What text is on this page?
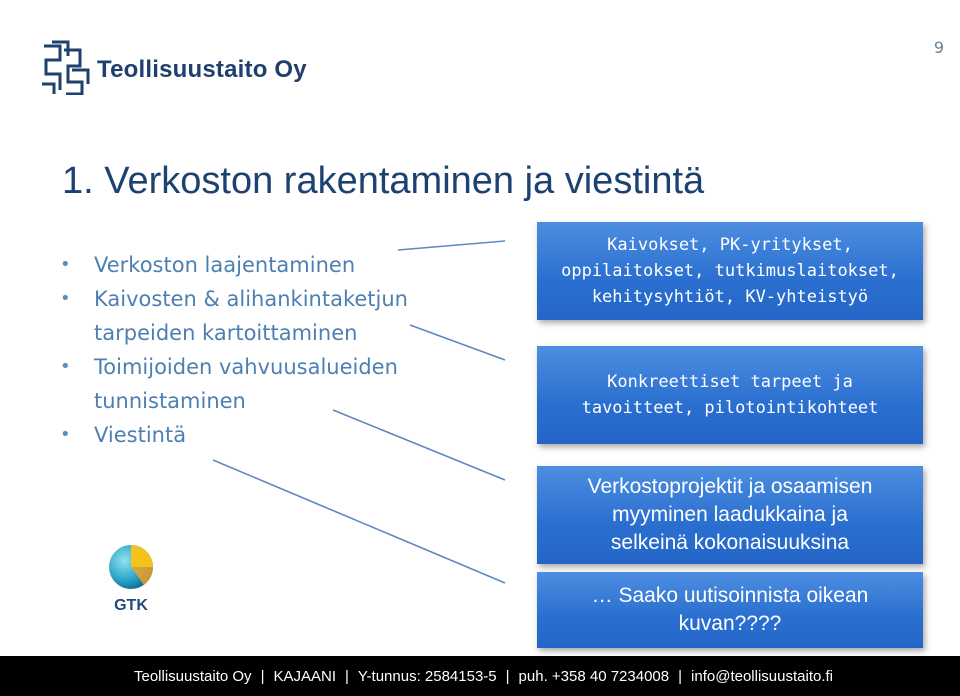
9
Teollisuustaito Oy
1. Verkoston rakentaminen ja viestintä
• Verkoston laajentaminen
• Kaivosten & alihankintaketjun tarpeiden kartoittaminen
• Toimijoiden vahvuusalueiden tunnistaminen
• Viestintä
Kaivokset, PK-yritykset,
oppilaitokset, tutkimuslaitokset,
kehitysyhtiöt, KV-yhteistyö
Konkreettiset tarpeet ja
tavoitteet, pilotointikohteet
Verkostoprojektit ja osaamisen
myyminen laadukkaina ja
selkeinä kokonaisuuksina
… Saako uutisoinnista oikean
kuvan????
GTK
Teollisuustaito Oy | KAJAANI | Y-tunnus: 2584153-5 | puh. +358 40 7234008 | info@teollisuustaito.fi
